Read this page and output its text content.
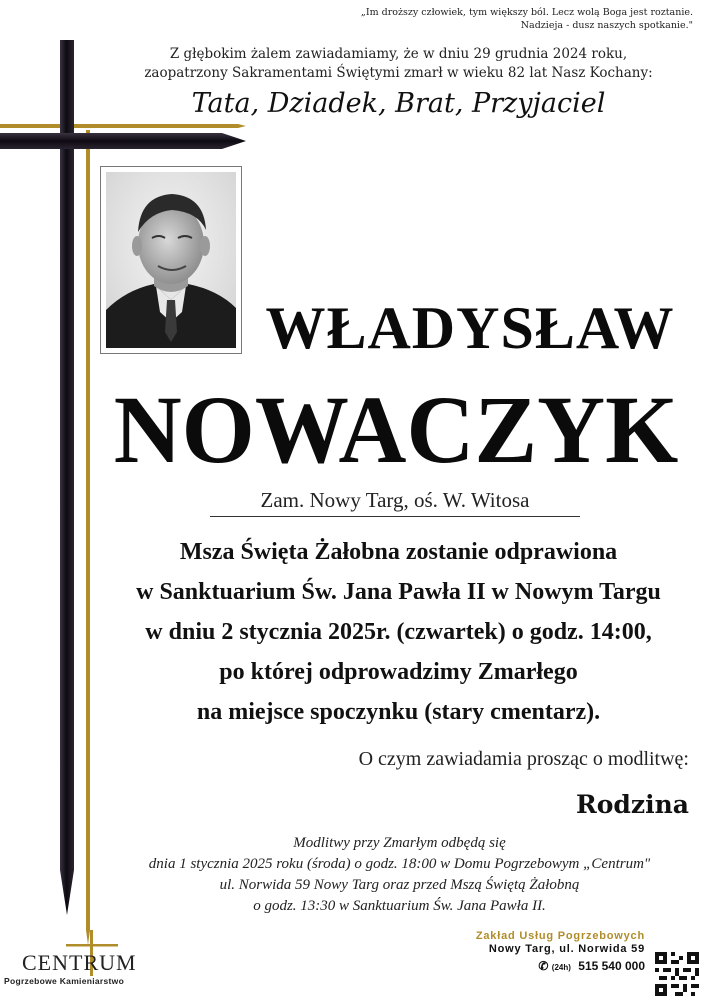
„Im droższy człowiek, tym większy ból. Lecz wolą Boga jest roztanie.
Nadzieja - dusz naszych spotkanie."
Z głębokim żalem zawiadamiamy, że w dniu 29 grudnia 2024 roku,
zaopatrzony Sakramentami Świętymi zmarł w wieku 82 lat Nasz Kochany:
Tata, Dziadek, Brat, Przyjaciel
WŁADYSŁAW
NOWACZYK
Zam. Nowy Targ, oś. W. Witosa
Msza Święta Żałobna zostanie odprawiona
w Sanktuarium Św. Jana Pawła II w Nowym Targu
w dniu 2 stycznia 2025r. (czwartek) o godz. 14:00,
po której odprowadzimy Zmarłego
na miejsce spoczynku (stary cmentarz).
O czym zawiadamia prosząc o modlitwę:
Rodzina
Modlitwy przy Zmarłym odbędą się
dnia 1 stycznia 2025 roku (środa) o godz. 18:00 w Domu Pogrzebowym „Centrum"
ul. Norwida 59 Nowy Targ oraz przed Mszą Świętą Żałobną
o godz. 13:30 w Sanktuarium Św. Jana Pawła II.
CENTRUM
Pogrzebowe Kamieniarstwo
Zakład Usług Pogrzebowych
Nowy Targ, ul. Norwida 59
✆ (24h) 515 540 000
